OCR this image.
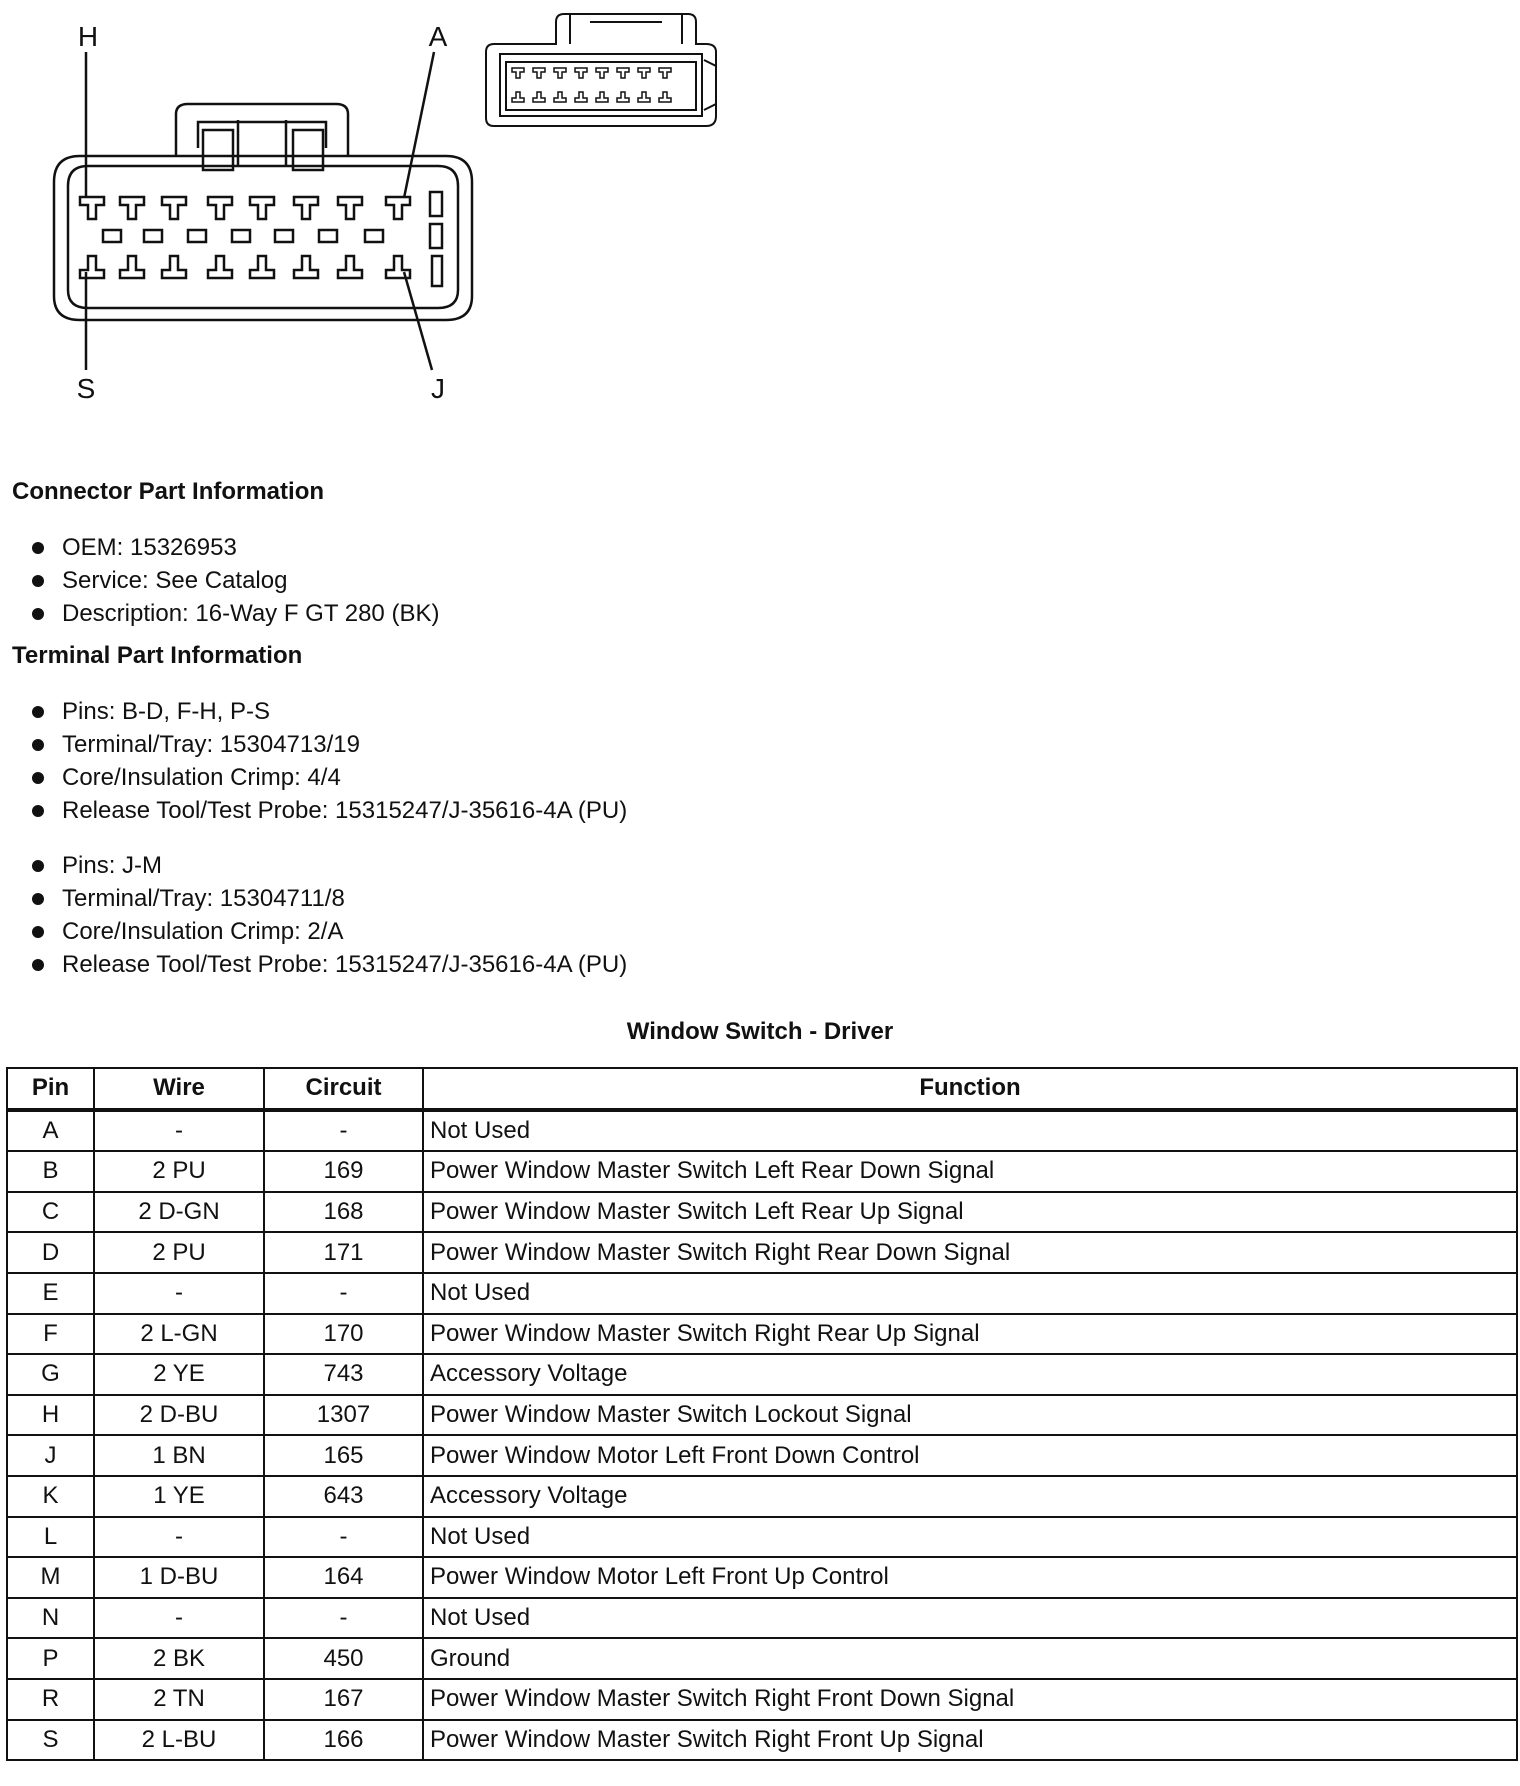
H	A
S	J
Connector Part Information
OEM: 15326953
Service: See Catalog
Description: 16-Way F GT 280 (BK)
Terminal Part Information
Pins: B-D, F-H, P-S
Terminal/Tray: 15304713/19
Core/Insulation Crimp: 4/4
Release Tool/Test Probe: 15315247/J-35616-4A (PU)
Pins: J-M
Terminal/Tray: 15304711/8
Core/Insulation Crimp: 2/A
Release Tool/Test Probe: 15315247/J-35616-4A (PU)
Window Switch - Driver
Pin	Wire	Circuit	Function
A	-	-	Not Used
B	2 PU	169	Power Window Master Switch Left Rear Down Signal
C	2 D-GN	168	Power Window Master Switch Left Rear Up Signal
D	2 PU	171	Power Window Master Switch Right Rear Down Signal
E	-	-	Not Used
F	2 L-GN	170	Power Window Master Switch Right Rear Up Signal
G	2 YE	743	Accessory Voltage
H	2 D-BU	1307	Power Window Master Switch Lockout Signal
J	1 BN	165	Power Window Motor Left Front Down Control
K	1 YE	643	Accessory Voltage
L	-	-	Not Used
M	1 D-BU	164	Power Window Motor Left Front Up Control
N	-	-	Not Used
P	2 BK	450	Ground
R	2 TN	167	Power Window Master Switch Right Front Down Signal
S	2 L-BU	166	Power Window Master Switch Right Front Up Signal
